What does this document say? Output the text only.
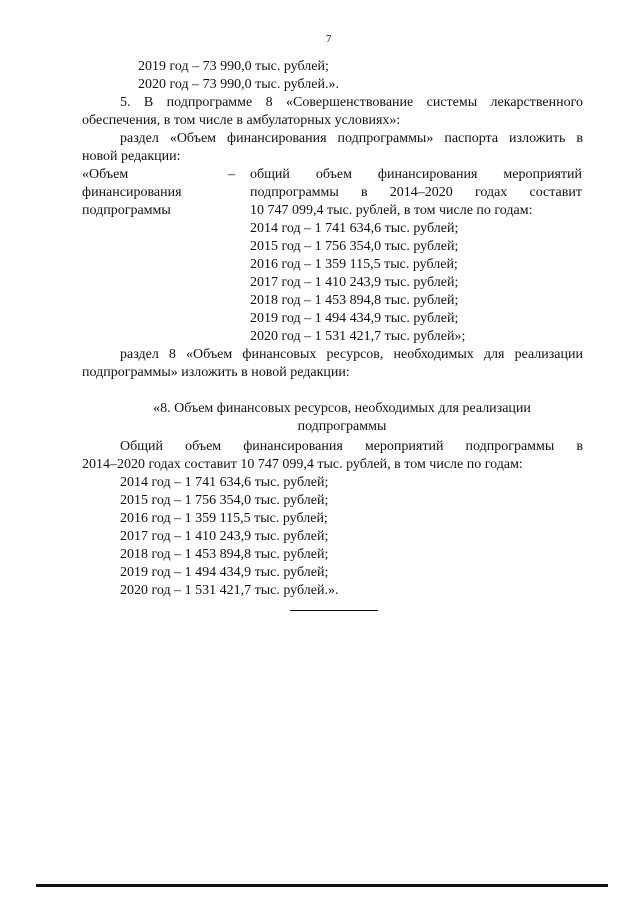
7
2019 год – 73 990,0 тыс. рублей;
2020 год – 73 990,0 тыс. рублей.».
5. В подпрограмме 8 «Совершенствование системы лекарственного
обеспечения, в том числе в амбулаторных условиях»:
раздел «Объем финансирования подпрограммы» паспорта изложить в
новой редакции:
«Объем
финансирования
подпрограммы
– общий объем финансирования мероприятий
подпрограммы в 2014–2020 годах составит
10 747 099,4 тыс. рублей, в том числе по годам:
2014 год – 1 741 634,6 тыс. рублей;
2015 год – 1 756 354,0 тыс. рублей;
2016 год – 1 359 115,5 тыс. рублей;
2017 год – 1 410 243,9 тыс. рублей;
2018 год – 1 453 894,8 тыс. рублей;
2019 год – 1 494 434,9 тыс. рублей;
2020 год – 1 531 421,7 тыс. рублей»;
раздел 8 «Объем финансовых ресурсов, необходимых для реализации
подпрограммы» изложить в новой редакции:
«8. Объем финансовых ресурсов, необходимых для реализации
подпрограммы
Общий объем финансирования мероприятий подпрограммы в
2014–2020 годах составит 10 747 099,4 тыс. рублей, в том числе по годам:
2014 год – 1 741 634,6 тыс. рублей;
2015 год – 1 756 354,0 тыс. рублей;
2016 год – 1 359 115,5 тыс. рублей;
2017 год – 1 410 243,9 тыс. рублей;
2018 год – 1 453 894,8 тыс. рублей;
2019 год – 1 494 434,9 тыс. рублей;
2020 год – 1 531 421,7 тыс. рублей.».
